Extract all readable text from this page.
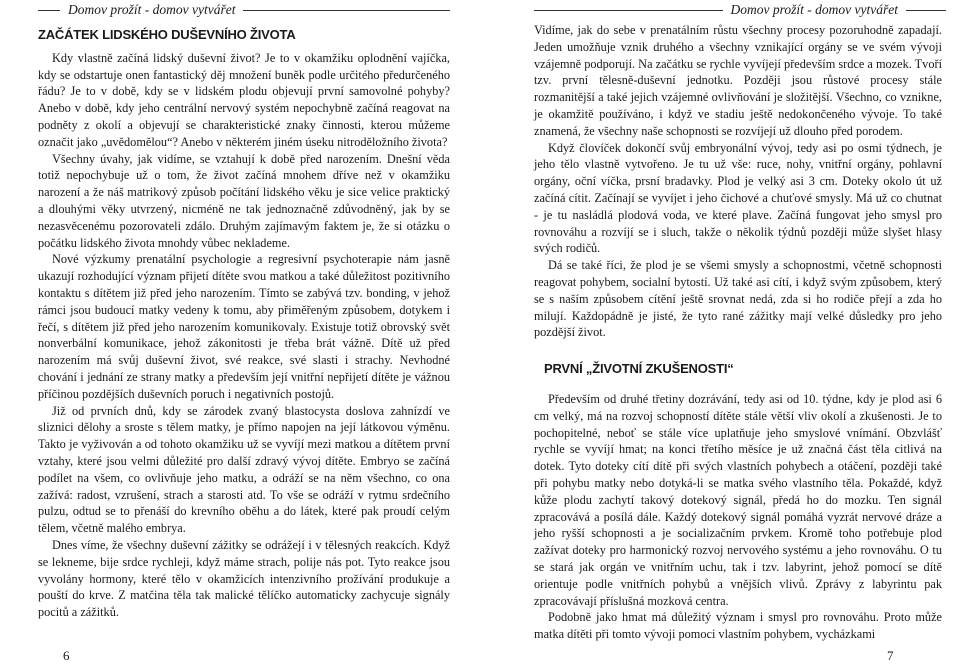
Domov prožít - domov vytvářet
ZAČÁTEK LIDSKÉHO DUŠEVNÍHO ŽIVOTA

Kdy vlastně začíná lidský duševní život? Je to v okamžiku oplodnění vajíčka, kdy se odstartuje onen fantastický děj množení buněk podle určitého předurčeného řádu? Je to v době, kdy se v lidském plodu objevují první samovolné pohyby? Anebo v době, kdy jeho centrální nervový systém nepochybně začíná reagovat na podněty z okolí a objevují se charakteristické znaky činnosti, kterou můžeme označit jako „uvědomělou“? Anebo v některém jiném úseku nitroděložního života?

Všechny úvahy, jak vidíme, se vztahují k době před narozením. Dnešní věda totiž nepochybuje už o tom, že život začíná mnohem dříve než v okamžiku narození a že náš matrikový způsob počítání lidského věku je sice velice praktický a dlouhými věky utvrzený, nicméně ne tak jednoznačně zdůvodněný, jak by se nezasvěcenému pozorovateli zdálo. Druhým zajímavým faktem je, že si otázku o počátku lidského života mnohdy vůbec neklademe.

Nové výzkumy prenatální psychologie a regresivní psychoterapie nám jasně ukazují rozhodující význam přijetí dítěte svou matkou a také důležitost pozitivního kontaktu s dítětem již před jeho narozením. Tímto se zabývá tzv. bonding, v jehož rámci jsou budoucí matky vedeny k tomu, aby přiměřeným způsobem, dotykem i řečí, s dítětem již před jeho narozením komunikovaly. Existuje totiž obrovský svět nonverbální komunikace, jehož zákonitosti je třeba brát vážně. Dítě už před narozením má svůj duševní život, své reakce, své slasti i strachy. Nevhodné chování i jednání ze strany matky a především její vnitřní nepřijetí dítěte je vážnou příčinou pozdějších duševních poruch i negativních postojů.

Již od prvních dnů, kdy se zárodek zvaný blastocysta doslova zahnízdí ve sliznici dělohy a sroste s tělem matky, je přímo napojen na její látkovou výměnu. Takto je vyživován a od tohoto okamžiku už se vyvíjí mezi matkou a dítětem první vztahy, které jsou velmi důležité pro další zdravý vývoj dítěte. Embryo se začíná podílet na všem, co ovlivňuje jeho matku, a odráží se na něm všechno, co ona zažívá: radost, vzrušení, strach a starosti atd. To vše se odráží v rytmu srdečního pulzu, odtud se to přenáší do krevního oběhu a do látek, které pak proudí celým tělem, včetně malého embrya.

Dnes víme, že všechny duševní zážitky se odrážejí i v tělesných reakcích. Když se lekneme, bije srdce rychleji, když máme strach, polije nás pot. Tyto reakce jsou vyvolány hormony, které tělo v okamžicích intenzivního prožívání produkuje a pouští do krve. Z matčina těla tak malické tělíčko automaticky zachycuje signály pocitů a zážitků.

6
Domov prožít - domov vytvářet

Vidíme, jak do sebe v prenatálním růstu všechny procesy pozoruhodně zapadají. Jeden umožňuje vznik druhého a všechny vznikající orgány se ve svém vývoji vzájemně podporují. Na začátku se rychle vyvíjejí především srdce a mozek. Tvoří tzv. první tělesně-duševní jednotku. Později jsou růstové procesy stále rozmanitější a také jejich vzájemné ovlivňování je složitější. Všechno, co vznikne, je okamžitě používáno, i když ve stadiu ještě nedokončeného vývoje. To také znamená, že všechny naše schopnosti se rozvíjejí už dlouho před porodem.

Když človíček dokončí svůj embryonální vývoj, tedy asi po osmi týdnech, je jeho tělo vlastně vytvořeno. Je tu už vše: ruce, nohy, vnitřní orgány, pohlavní orgány, oční víčka, prsní bradavky. Plod je velký asi 3 cm. Doteky okolo út už začíná cítit. Začínají se vyvíjet i jeho čichové a chuťové smysly. Má už co chutnat - je tu nasládlá plodová voda, ve které plave. Začíná fungovat jeho smysl pro rovnováhu a rozvíjí se i sluch, takže o několik týdnů později může slyšet hlasy svých rodičů.

Dá se také říci, že plod je se všemi smysly a schopnostmi, včetně schopnosti reagovat pohybem, socialní bytostí. Už také asi cítí, i když svým způsobem, který se s naším způsobem cítění ještě srovnat nedá, zda si ho rodiče přejí a zda ho milují. Každopádně je jisté, že tyto rané zážitky mají velké důsledky pro jeho pozdější život.

PRVNÍ „ŽIVOTNÍ ZKUŠENOSTI“

Především od druhé třetiny dozrávání, tedy asi od 10. týdne, kdy je plod asi 6 cm velký, má na rozvoj schopností dítěte stále větší vliv okolí a zkušenosti. Je to pochopitelné, neboť se stále více uplatňuje jeho smyslové vnímání. Obzvlášť rychle se vyvíjí hmat; na konci třetího měsíce je už značná část těla citlivá na dotek. Tyto doteky cítí dítě při svých vlastních pohybech a otáčení, později také při pohybu matky nebo dotyká-li se matka svého vlastního těla. Pokaždé, když kůže plodu zachytí takový dotekový signál, předá ho do mozku. Ten signál zpracovává a posílá dále. Každý dotekový signál pomáhá vyzrát nervové dráze a jeho ryšší schopnosti a je socializačním prvkem. Kromě toho potřebuje plod zažívat doteky pro harmonický rozvoj nervového systému a jeho rovnováhu. O tu se stará jak orgán ve vnitřním uchu, tak i tzv. labyrint, jehož pomocí se dítě orientuje podle vnitřních pohybů a vnějších vlivů. Zprávy z labyrintu pak zpracovávají příslušná mozková centra.

Podobně jako hmat má důležitý význam i smysl pro rovnováhu. Proto může matka dítěti při tomto vývoji pomoci vlastním pohybem, vycházkami

7
